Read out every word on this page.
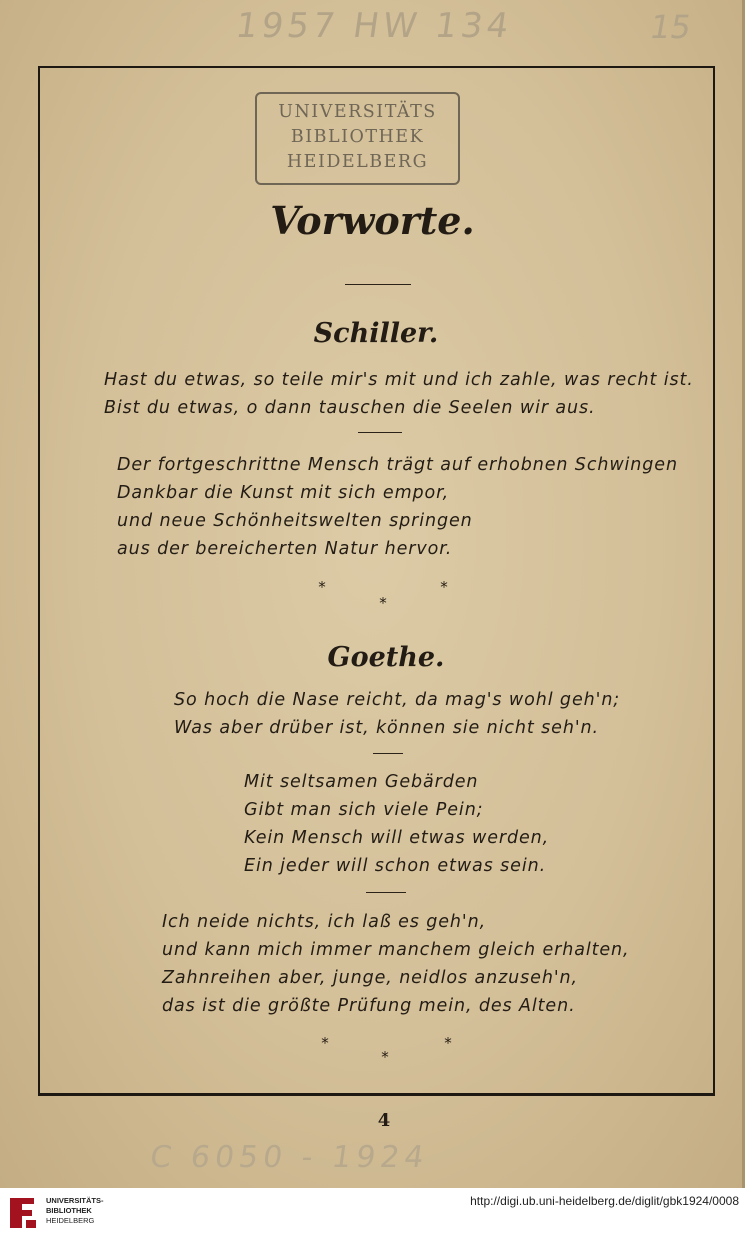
1957 HW 134	15
UNIVERSITÄTS
BIBLIOTHEK
HEIDELBERG
Vorworte.
Schiller.
Hast du etwas, so teile mir's mit und ich zahle, was recht ist.
Bist du etwas, o dann tauschen die Seelen wir aus.
Der fortgeschrittne Mensch trägt auf erhobnen Schwingen
Dankbar die Kunst mit sich empor,
und neue Schönheitswelten springen
aus der bereicherten Natur hervor.
*	*
*
Goethe.
So hoch die Nase reicht, da mag's wohl geh'n;
Was aber drüber ist, können sie nicht seh'n.
Mit seltsamen Gebärden
Gibt man sich viele Pein;
Kein Mensch will etwas werden,
Ein jeder will schon etwas sein.
Ich neide nichts, ich laß es geh'n,
und kann mich immer manchem gleich erhalten,
Zahnreihen aber, junge, neidlos anzuseh'n,
das ist die größte Prüfung mein, des Alten.
*	*
*
4
C 6050 - 1924
UNIVERSITÄTS-
BIBLIOTHEK
HEIDELBERG
http://digi.ub.uni-heidelberg.de/diglit/gbk1924/0008
